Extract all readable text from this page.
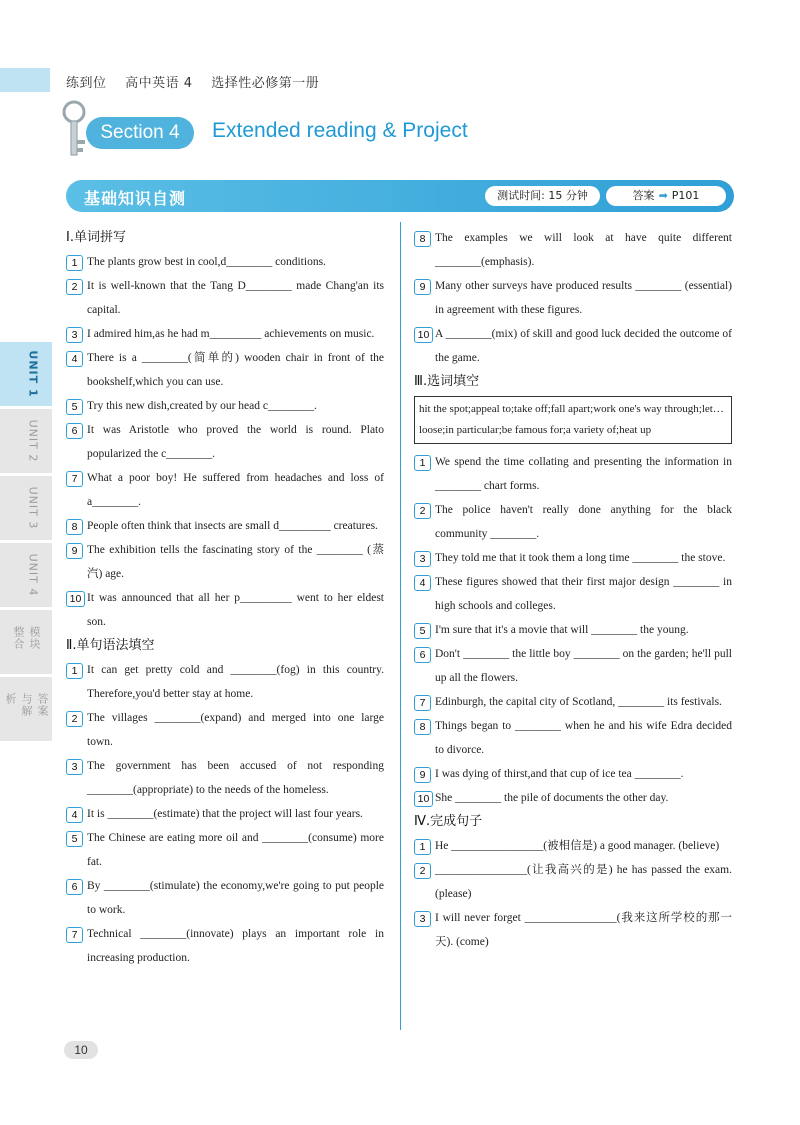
练到位 高中英语 4 选择性必修第一册
Section 4	Extended reading & Project
基础知识自测	测试时间: 15 分钟	答案 ➡ P101
UNIT 1
UNIT 2
UNIT 3
UNIT 4
模块整合
答案与解析
Ⅰ.单词拼写
1 The plants grow best in cool,d________ conditions.
2 It is well-known that the Tang D________ made Chang'an its capital.
3 I admired him,as he had m_________ achievements on music.
4 There is a ________(简单的) wooden chair in front of the bookshelf,which you can use.
5 Try this new dish,created by our head c________.
6 It was Aristotle who proved the world is round. Plato popularized the c________.
7 What a poor boy! He suffered from headaches and loss of a________.
8 People often think that insects are small d_________ creatures.
9 The exhibition tells the fascinating story of the ________ (蒸汽) age.
10 It was announced that all her p_________ went to her eldest son.
Ⅱ.单句语法填空
1 It can get pretty cold and ________(fog) in this country. Therefore,you'd better stay at home.
2 The villages ________(expand) and merged into one large town.
3 The government has been accused of not responding ________(appropriate) to the needs of the homeless.
4 It is ________(estimate) that the project will last four years.
5 The Chinese are eating more oil and ________(consume) more fat.
6 By ________(stimulate) the economy,we're going to put people to work.
7 Technical ________(innovate) plays an important role in increasing production.
8 The examples we will look at have quite different ________(emphasis).
9 Many other surveys have produced results ________ (essential) in agreement with these figures.
10 A ________(mix) of skill and good luck decided the outcome of the game.
Ⅲ.选词填空
hit the spot;appeal to;take off;fall apart;work one's way through;let…loose;in particular;be famous for;a variety of;heat up
1 We spend the time collating and presenting the information in ________ chart forms.
2 The police haven't really done anything for the black community ________.
3 They told me that it took them a long time ________ the stove.
4 These figures showed that their first major design ________ in high schools and colleges.
5 I'm sure that it's a movie that will ________ the young.
6 Don't ________ the little boy ________ on the garden; he'll pull up all the flowers.
7 Edinburgh, the capital city of Scotland, ________ its festivals.
8 Things began to ________ when he and his wife Edra decided to divorce.
9 I was dying of thirst,and that cup of ice tea ________.
10 She ________ the pile of documents the other day.
Ⅳ.完成句子
1 He ________________(被相信是) a good manager. (believe)
2 ________________(让我高兴的是) he has passed the exam. (please)
3 I will never forget ________________(我来这所学校的那一天). (come)
10
